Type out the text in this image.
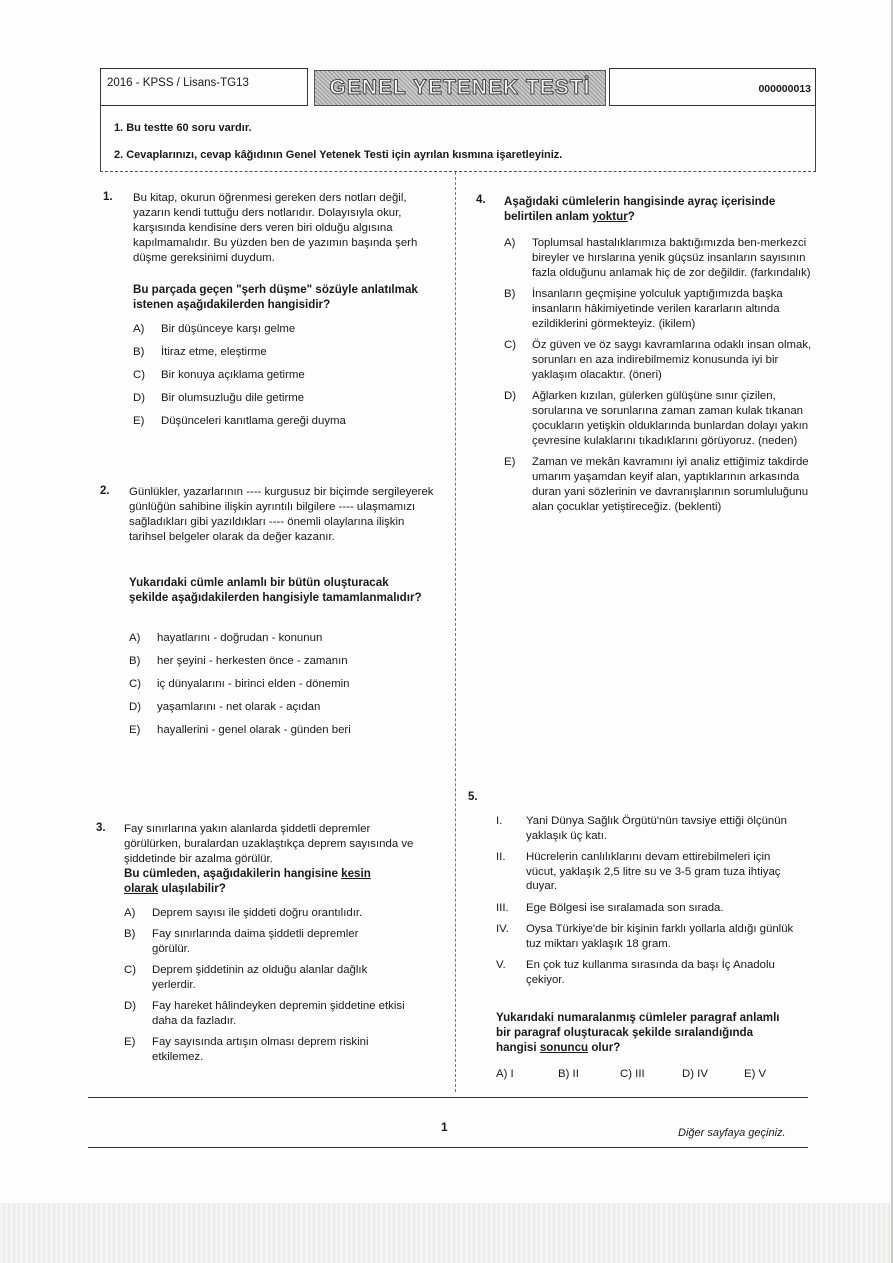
2016 - KPSS / Lisans-TG13	GENEL YETENEK TESTİ	000000013
1. Bu testte 60 soru vardır.
2. Cevaplarınızı, cevap kâğıdının Genel Yetenek Testi için ayrılan kısmına işaretleyiniz.
1. Bu kitap, okurun öğrenmesi gereken ders notları değil, yazarın kendi tuttuğu ders notlarıdır. Dolayısıyla okur, karşısında kendisine ders veren biri olduğu algısına kapılmamalıdır. Bu yüzden ben de yazımın başında şerh düşme gereksinimi duydum.
Bu parçada geçen "şerh düşme" sözüyle anlatılmak istenen aşağıdakilerden hangisidir?
A)	Bir düşünceye karşı gelme
B)	İtiraz etme, eleştirme
C)	Bir konuya açıklama getirme
D)	Bir olumsuzluğu dile getirme
E)	Düşünceleri kanıtlama gereği duyma
2. Günlükler, yazarlarının ---- kurgusuz bir biçimde sergileyerek günlüğün sahibine ilişkin ayrıntılı bilgilere ---- ulaşmamızı sağladıkları gibi yazıldıkları ---- önemli olaylarına ilişkin tarihsel belgeler olarak da değer kazanır.
Yukarıdaki cümle anlamlı bir bütün oluşturacak şekilde aşağıdakilerden hangisiyle tamamlanmalıdır?
A)	hayatlarını - doğrudan - konunun
B)	her şeyini - herkesten önce - zamanın
C)	iç dünyalarını - birinci elden - dönemin
D)	yaşamlarını - net olarak - açıdan
E)	hayallerini - genel olarak - günden beri
3. Fay sınırlarına yakın alanlarda şiddetli depremler görülürken, buralardan uzaklaştıkça deprem sayısında ve şiddetinde bir azalma görülür.
Bu cümleden, aşağıdakilerin hangisine kesin olarak ulaşılabilir?
A)	Deprem sayısı ile şiddeti doğru orantılıdır.
B)	Fay sınırlarında daima şiddetli depremler görülür.
C)	Deprem şiddetinin az olduğu alanlar dağlık yerlerdir.
D)	Fay hareket hâlindeyken depremin şiddetine etkisi daha da fazladır.
E)	Fay sayısında artışın olması deprem riskini etkilemez.
4. Aşağıdaki cümlelerin hangisinde ayraç içerisinde belirtilen anlam yoktur?
A)	Toplumsal hastalıklarımıza baktığımızda ben-merkezci bireyler ve hırslarına yenik güçsüz insanların sayısının fazla olduğunu anlamak hiç de zor değildir. (farkındalık)
B)	İnsanların geçmişine yolculuk yaptığımızda başka insanların hâkimiyetinde verilen kararların altında ezildiklerini görmekteyiz. (ikilem)
C)	Öz güven ve öz saygı kavramlarına odaklı insan olmak, sorunları en aza indirebilmemiz konusunda iyi bir yaklaşım olacaktır. (öneri)
D)	Ağlarken kızılan, gülerken gülüşüne sınır çizilen, sorularına ve sorunlarına zaman zaman kulak tıkanan çocukların yetişkin olduklarında bunlardan dolayı yakın çevresine kulaklarını tıkadıklarını görüyoruz. (neden)
E)	Zaman ve mekân kavramını iyi analiz ettiğimiz takdirde umarım yaşamdan keyif alan, yaptıklarının arkasında duran yani sözlerinin ve davranışlarının sorumluluğunu alan çocuklar yetiştireceğiz. (beklenti)
5.
I.	Yani Dünya Sağlık Örgütü'nün tavsiye ettiği ölçünün yaklaşık üç katı.
II.	Hücrelerin canlılıklarını devam ettirebilmeleri için vücut, yaklaşık 2,5 litre su ve 3-5 gram tuza ihtiyaç duyar.
III.	Ege Bölgesi ise sıralamada son sırada.
IV.	Oysa Türkiye'de bir kişinin farklı yollarla aldığı günlük tuz miktarı yaklaşık 18 gram.
V.	En çok tuz kullanma sırasında da başı İç Anadolu çekiyor.
Yukarıdaki numaralanmış cümleler paragraf anlamlı bir paragraf oluşturacak şekilde sıralandığında hangisi sonuncu olur?
A) I	B) II	C) III	D) IV	E) V
1	Diğer sayfaya geçiniz.
